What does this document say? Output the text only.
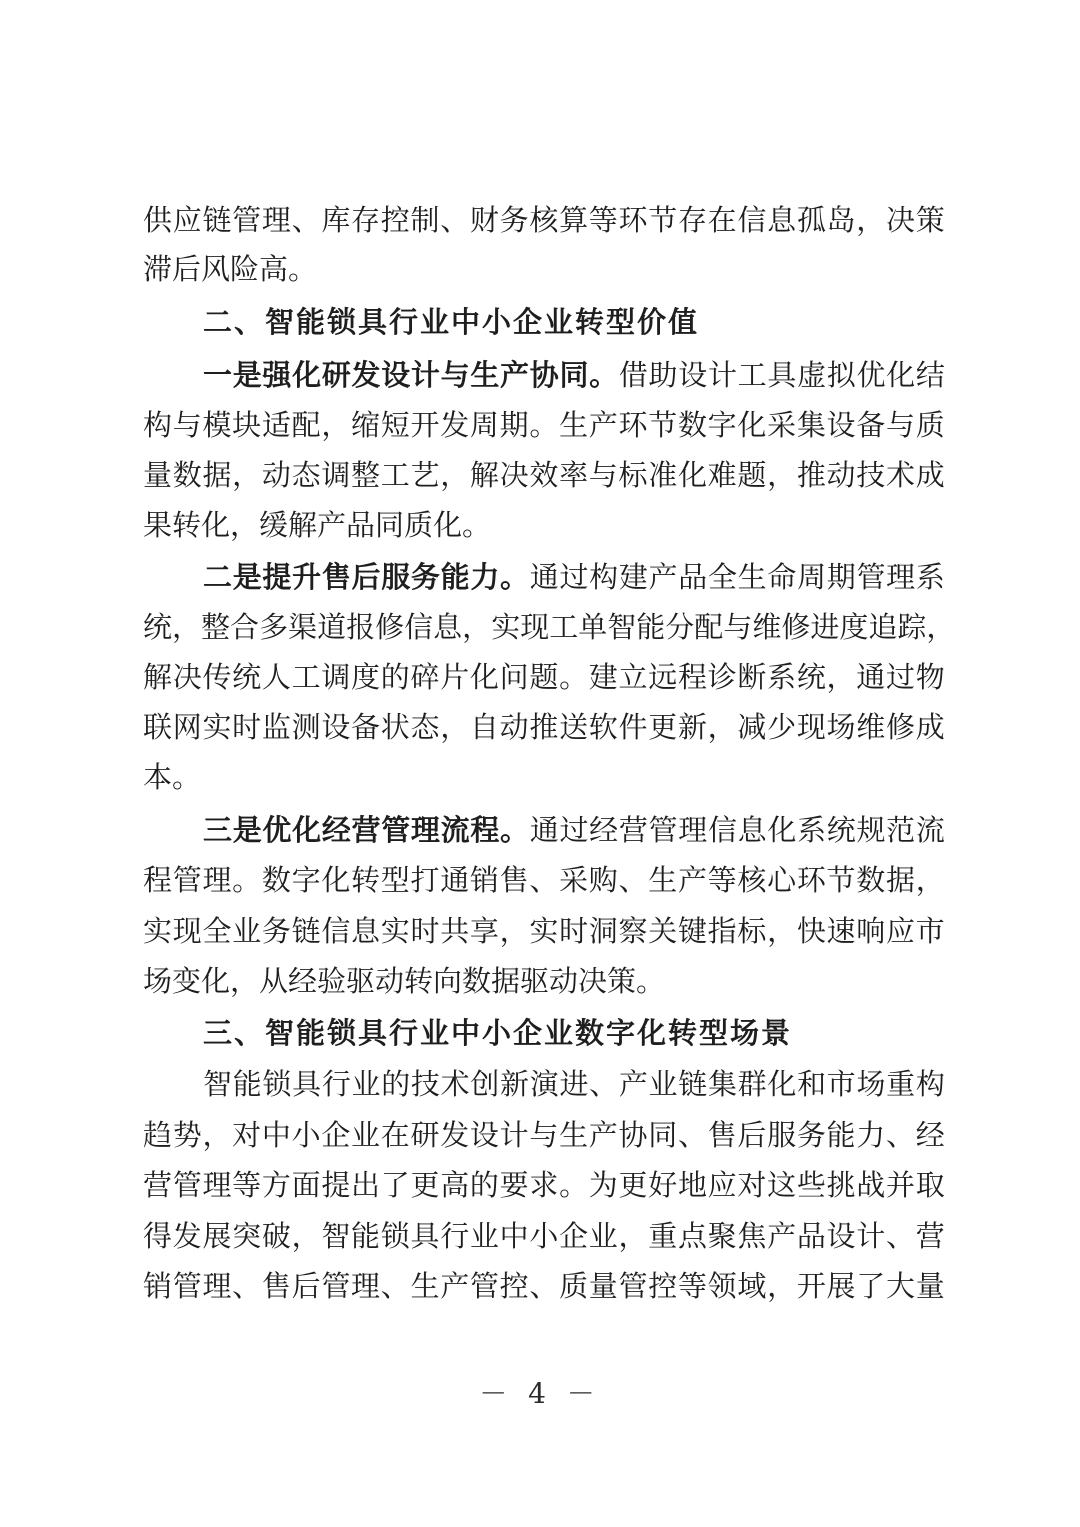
供 应 链 管 理 、 库 存 控 制 、 财 务 核 算 等 环 节 存 在 信 息 孤 岛 ， 决 策
滞后风险高。
二、智能锁具行业中小企业转型价值
一 是 强 化 研 发 设 计 与 生 产 协 同 。 借 助 设 计 工 具 虚 拟 优 化 结
构 与 模 块 适 配 ， 缩 短 开 发 周 期 。 生 产 环 节 数 字 化 采 集 设 备 与 质
量 数 据 ， 动 态 调 整 工 艺 ， 解 决 效 率 与 标 准 化 难 题 ， 推 动 技 术 成
果转化，缓解产品同质化。
二 是 提 升 售 后 服 务 能 力 。 通 过 构 建 产 品 全 生 命 周 期 管 理 系
统 ， 整 合 多 渠 道 报 修 信 息 ， 实 现 工 单 智 能 分 配 与 维 修 进 度 追 踪 ，
解 决 传 统 人 工 调 度 的 碎 片 化 问 题 。 建 立 远 程 诊 断 系 统 ， 通 过 物
联 网 实 时 监 测 设 备 状 态 ， 自 动 推 送 软 件 更 新 ， 减 少 现 场 维 修 成
本。
三 是 优 化 经 营 管 理 流 程 。 通 过 经 营 管 理 信 息 化 系 统 规 范 流
程 管 理 。 数 字 化 转 型 打 通 销 售 、 采 购 、 生 产 等 核 心 环 节 数 据 ，
实 现 全 业 务 链 信 息 实 时 共 享 ， 实 时 洞 察 关 键 指 标 ， 快 速 响 应 市
场变化，从经验驱动转向数据驱动决策。
三、智能锁具行业中小企业数字化转型场景
智 能 锁 具 行 业 的 技 术 创 新 演 进 、 产 业 链 集 群 化 和 市 场 重 构
趋 势 ， 对 中 小 企 业 在 研 发 设 计 与 生 产 协 同 、 售 后 服 务 能 力 、 经
营 管 理 等 方 面 提 出 了 更 高 的 要 求 。 为 更 好 地 应 对 这 些 挑 战 并 取
得 发 展 突 破 ， 智 能 锁 具 行 业 中 小 企 业 ， 重 点 聚 焦 产 品 设 计 、 营
销 管 理 、 售 后 管 理 、 生 产 管 控 、 质 量 管 控 等 领 域 ， 开 展 了 大 量
－ 4 －
